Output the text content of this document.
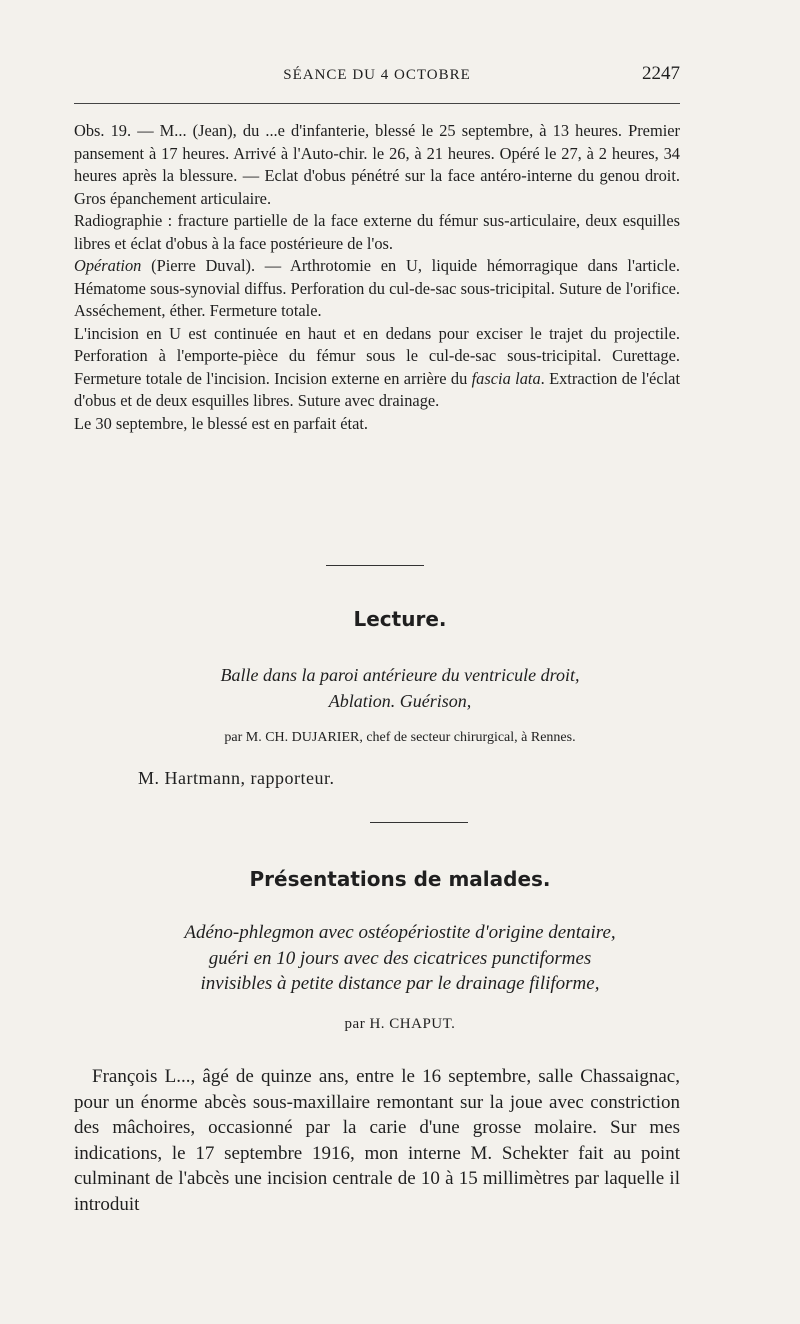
SÉANCE DU 4 OCTOBRE	2247

Obs. 19. — M... (Jean), du ...e d'infanterie, blessé le 25 septembre, à 13 heures. Premier pansement à 17 heures. Arrivé à l'Auto-chir. le 26, à 21 heures. Opéré le 27, à 2 heures, 34 heures après la blessure. — Eclat d'obus pénétré sur la face antéro-interne du genou droit. Gros épanchement articulaire.

Radiographie : fracture partielle de la face externe du fémur sus-articulaire, deux esquilles libres et éclat d'obus à la face postérieure de l'os.

Opération (Pierre Duval). — Arthrotomie en U, liquide hémorragique dans l'article. Hématome sous-synovial diffus. Perforation du cul-de-sac sous-tricipital. Suture de l'orifice. Asséchement, éther. Fermeture totale.

L'incision en U est continuée en haut et en dedans pour exciser le trajet du projectile. Perforation à l'emporte-pièce du fémur sous le cul-de-sac sous-tricipital. Curettage. Fermeture totale de l'incision. Incision externe en arrière du fascia lata. Extraction de l'éclat d'obus et de deux esquilles libres. Suture avec drainage.

Le 30 septembre, le blessé est en parfait état.

Lecture.
Balle dans la paroi antérieure du ventricule droit,
Ablation. Guérison,
par M. CH. DUJARIER, chef de secteur chirurgical, à Rennes.
M. Hartmann, rapporteur.
Présentations de malades.
Adéno-phlegmon avec ostéopériostite d'origine dentaire,
guéri en 10 jours avec des cicatrices punctiformes
invisibles à petite distance par le drainage filiforme,
par H. CHAPUT.

François L..., âgé de quinze ans, entre le 16 septembre, salle Chassaignac, pour un énorme abcès sous-maxillaire remontant sur la joue avec constriction des mâchoires, occasionné par la carie d'une grosse molaire. Sur mes indications, le 17 septembre 1916, mon interne M. Schekter fait au point culminant de l'abcès une incision centrale de 10 à 15 millimètres par laquelle il introduit
